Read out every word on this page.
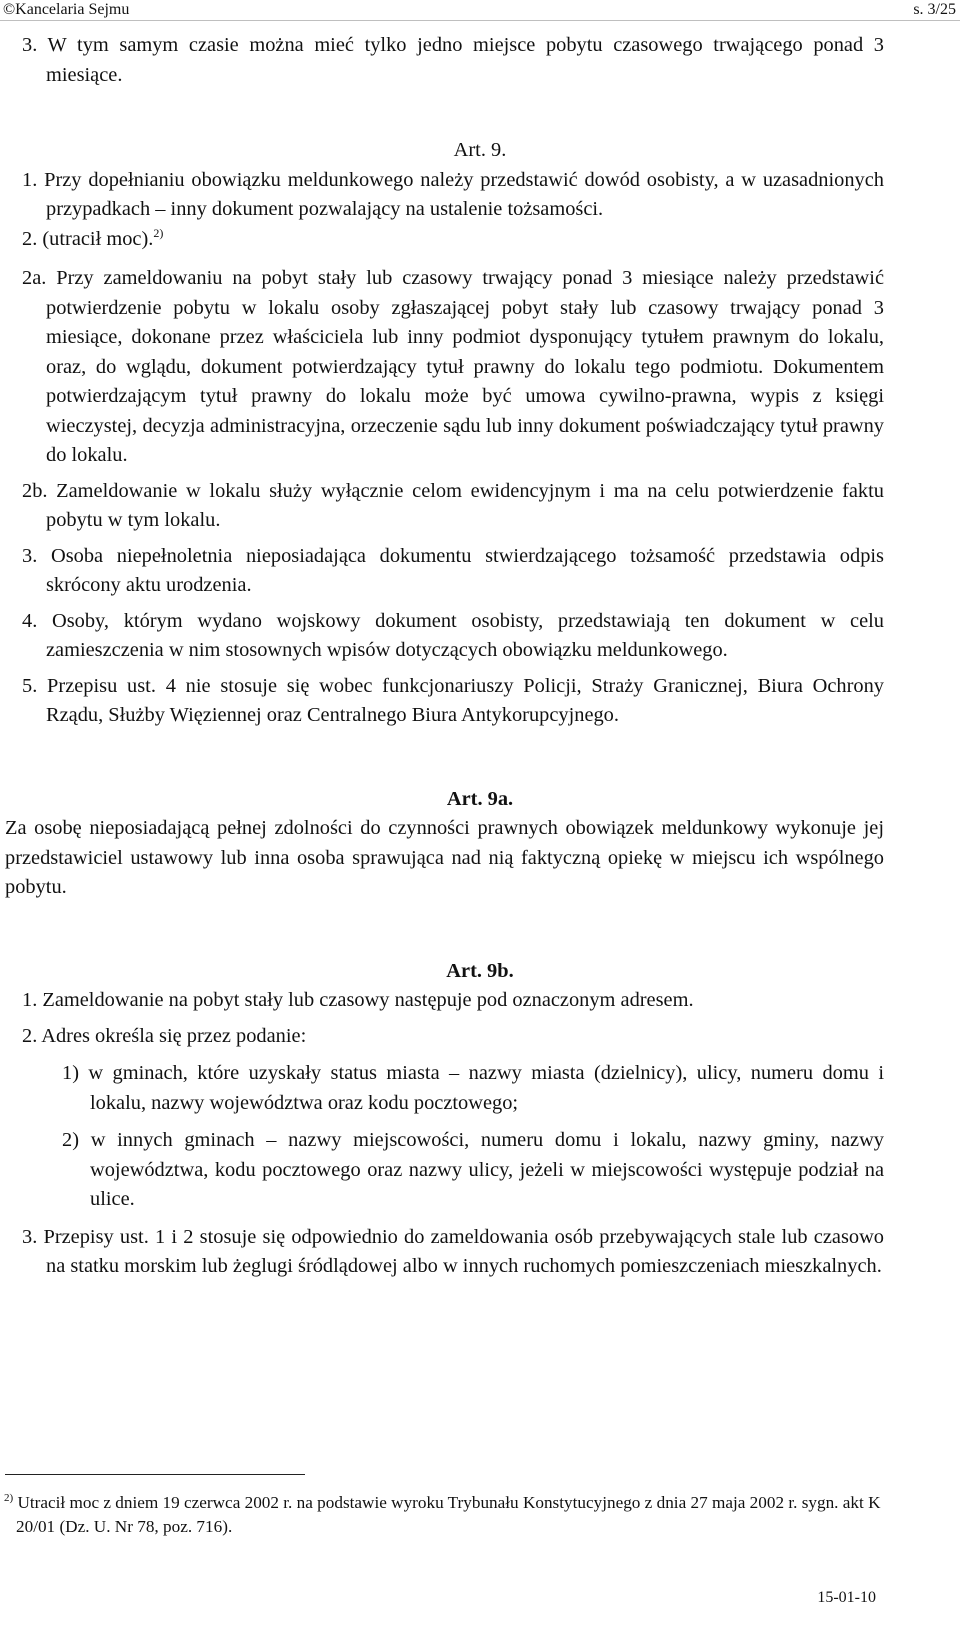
©Kancelaria Sejmu	s. 3/25

3. W tym samym czasie można mieć tylko jedno miejsce pobytu czasowego trwającego ponad 3 miesiące.

Art. 9.

1. Przy dopełnianiu obowiązku meldunkowego należy przedstawić dowód osobisty, a w uzasadnionych przypadkach – inny dokument pozwalający na ustalenie tożsamości.

2. (utracił moc).$^{2)}$

2a. Przy zameldowaniu na pobyt stały lub czasowy trwający ponad 3 miesiące należy przedstawić potwierdzenie pobytu w lokalu osoby zgłaszającej pobyt stały lub czasowy trwający ponad 3 miesiące, dokonane przez właściciela lub inny podmiot dysponujący tytułem prawnym do lokalu, oraz, do wglądu, dokument potwierdzający tytuł prawny do lokalu tego podmiotu. Dokumentem potwierdzającym tytuł prawny do lokalu może być umowa cywilno-prawna, wypis z księgi wieczystej, decyzja administracyjna, orzeczenie sądu lub inny dokument poświadczający tytuł prawny do lokalu.

2b. Zameldowanie w lokalu służy wyłącznie celom ewidencyjnym i ma na celu potwierdzenie faktu pobytu w tym lokalu.

3. Osoba niepełnoletnia nieposiadająca dokumentu stwierdzającego tożsamość przedstawia odpis skrócony aktu urodzenia.

4. Osoby, którym wydano wojskowy dokument osobisty, przedstawiają ten dokument w celu zamieszczenia w nim stosownych wpisów dotyczących obowiązku meldunkowego.

5. Przepisu ust. 4 nie stosuje się wobec funkcjonariuszy Policji, Straży Granicznej, Biura Ochrony Rządu, Służby Więziennej oraz Centralnego Biura Antykorupcyjnego.

Art. 9a.

Za osobę nieposiadającą pełnej zdolności do czynności prawnych obowiązek meldunkowy wykonuje jej przedstawiciel ustawowy lub inna osoba sprawująca nad nią faktyczną opiekę w miejscu ich wspólnego pobytu.

Art. 9b.

1. Zameldowanie na pobyt stały lub czasowy następuje pod oznaczonym adresem.

2. Adres określa się przez podanie:

1) w gminach, które uzyskały status miasta – nazwy miasta (dzielnicy), ulicy, numeru domu i lokalu, nazwy województwa oraz kodu pocztowego;

2) w innych gminach – nazwy miejscowości, numeru domu i lokalu, nazwy gminy, nazwy województwa, kodu pocztowego oraz nazwy ulicy, jeżeli w miejscowości występuje podział na ulice.

3. Przepisy ust. 1 i 2 stosuje się odpowiednio do zameldowania osób przebywających stale lub czasowo na statku morskim lub żeglugi śródlądowej albo w innych ruchomych pomieszczeniach mieszkalnych.

$^{2)}$ Utracił moc z dniem 19 czerwca 2002 r. na podstawie wyroku Trybunału Konstytucyjnego z dnia 27 maja 2002 r. sygn. akt K 20/01 (Dz. U. Nr 78, poz. 716).
15-01-10
